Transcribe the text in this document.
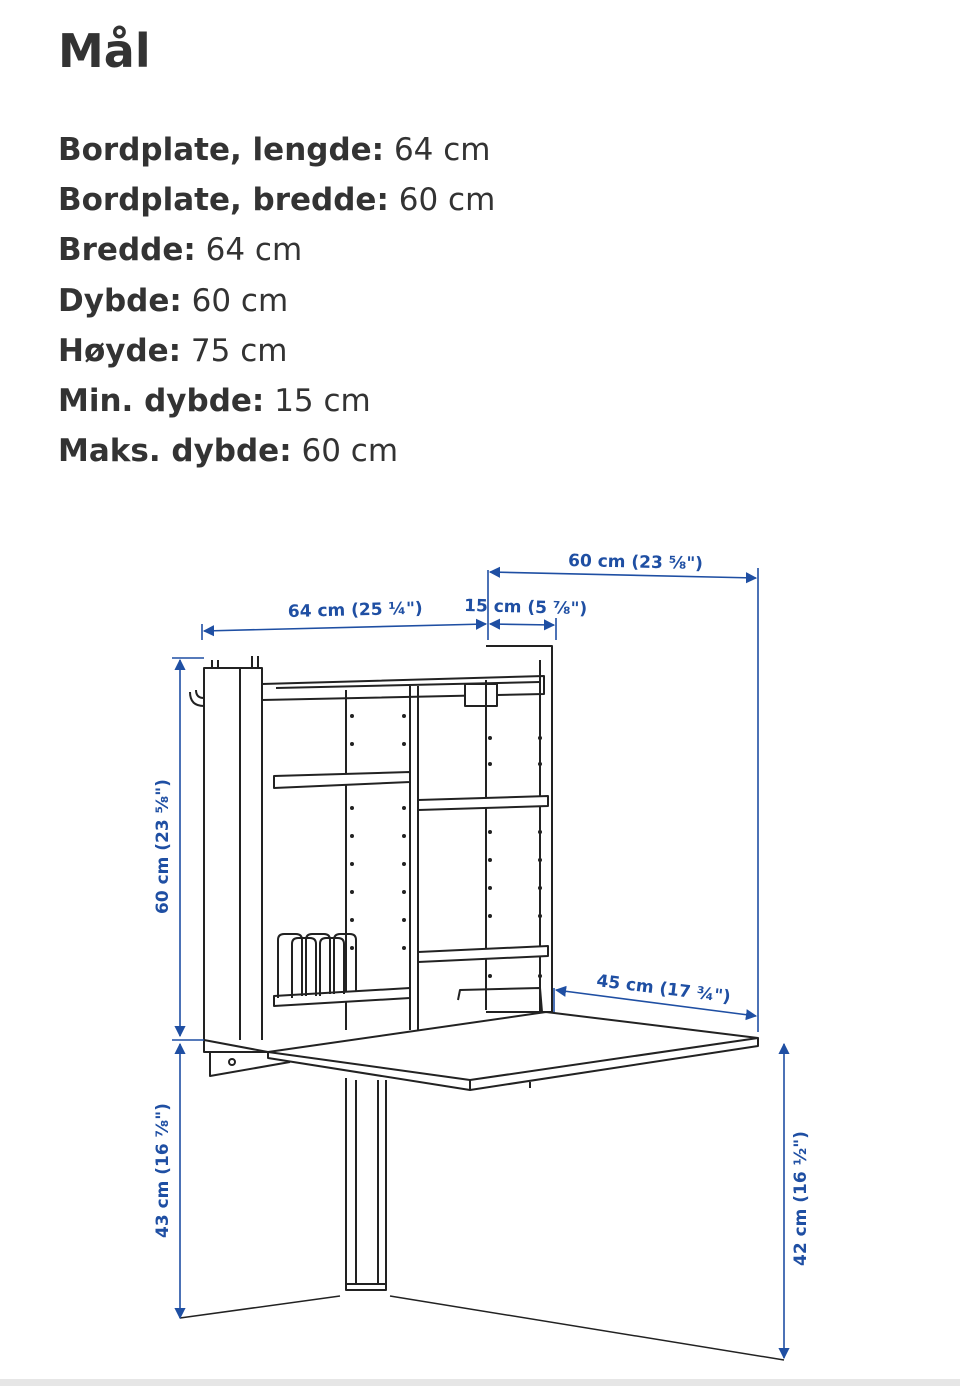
Mål
Bordplate, lengde: 64 cm
Bordplate, bredde: 60 cm
Bredde: 64 cm
Dybde: 60 cm
Høyde: 75 cm
Min. dybde: 15 cm
Maks. dybde: 60 cm
60 cm (23 ⅝")
64 cm (25 ¼") 15 cm (5 ⅞")
60 cm (23 ⅝")
45 cm (17 ¾")
43 cm (16 ⅞")	42 cm (16 ½")
